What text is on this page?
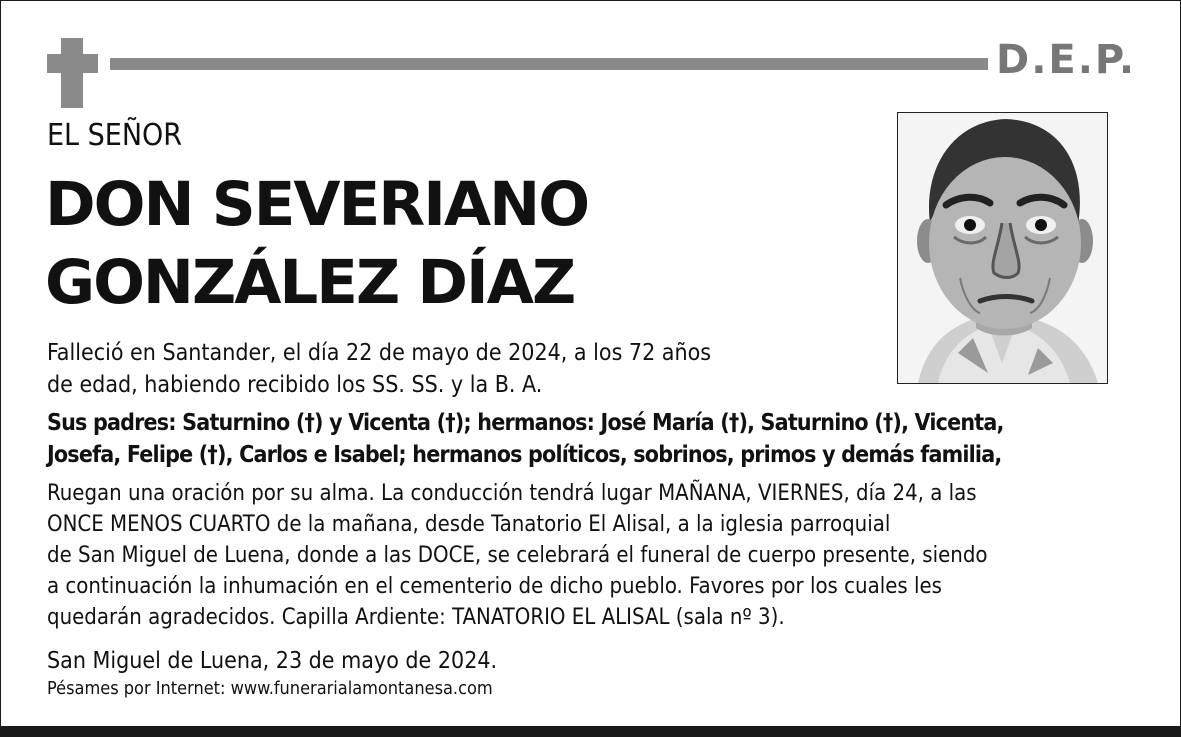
D.E.P.
EL SEÑOR
DON SEVERIANO
GONZÁLEZ DÍAZ
Falleció en Santander, el día 22 de mayo de 2024, a los 72 años
de edad, habiendo recibido los SS. SS. y la B. A.
Sus padres: Saturnino (†) y Vicenta (†); hermanos: José María (†), Saturnino (†), Vicenta,
Josefa, Felipe (†), Carlos e Isabel; hermanos políticos, sobrinos, primos y demás familia,
Ruegan una oración por su alma. La conducción tendrá lugar MAÑANA, VIERNES, día 24, a las
ONCE MENOS CUARTO de la mañana, desde Tanatorio El Alisal, a la iglesia parroquial
de San Miguel de Luena, donde a las DOCE, se celebrará el funeral de cuerpo presente, siendo
a continuación la inhumación en el cementerio de dicho pueblo. Favores por los cuales les
quedarán agradecidos. Capilla Ardiente: TANATORIO EL ALISAL (sala nº 3).
San Miguel de Luena, 23 de mayo de 2024.
Pésames por Internet: www.funerarialamontanesa.com
